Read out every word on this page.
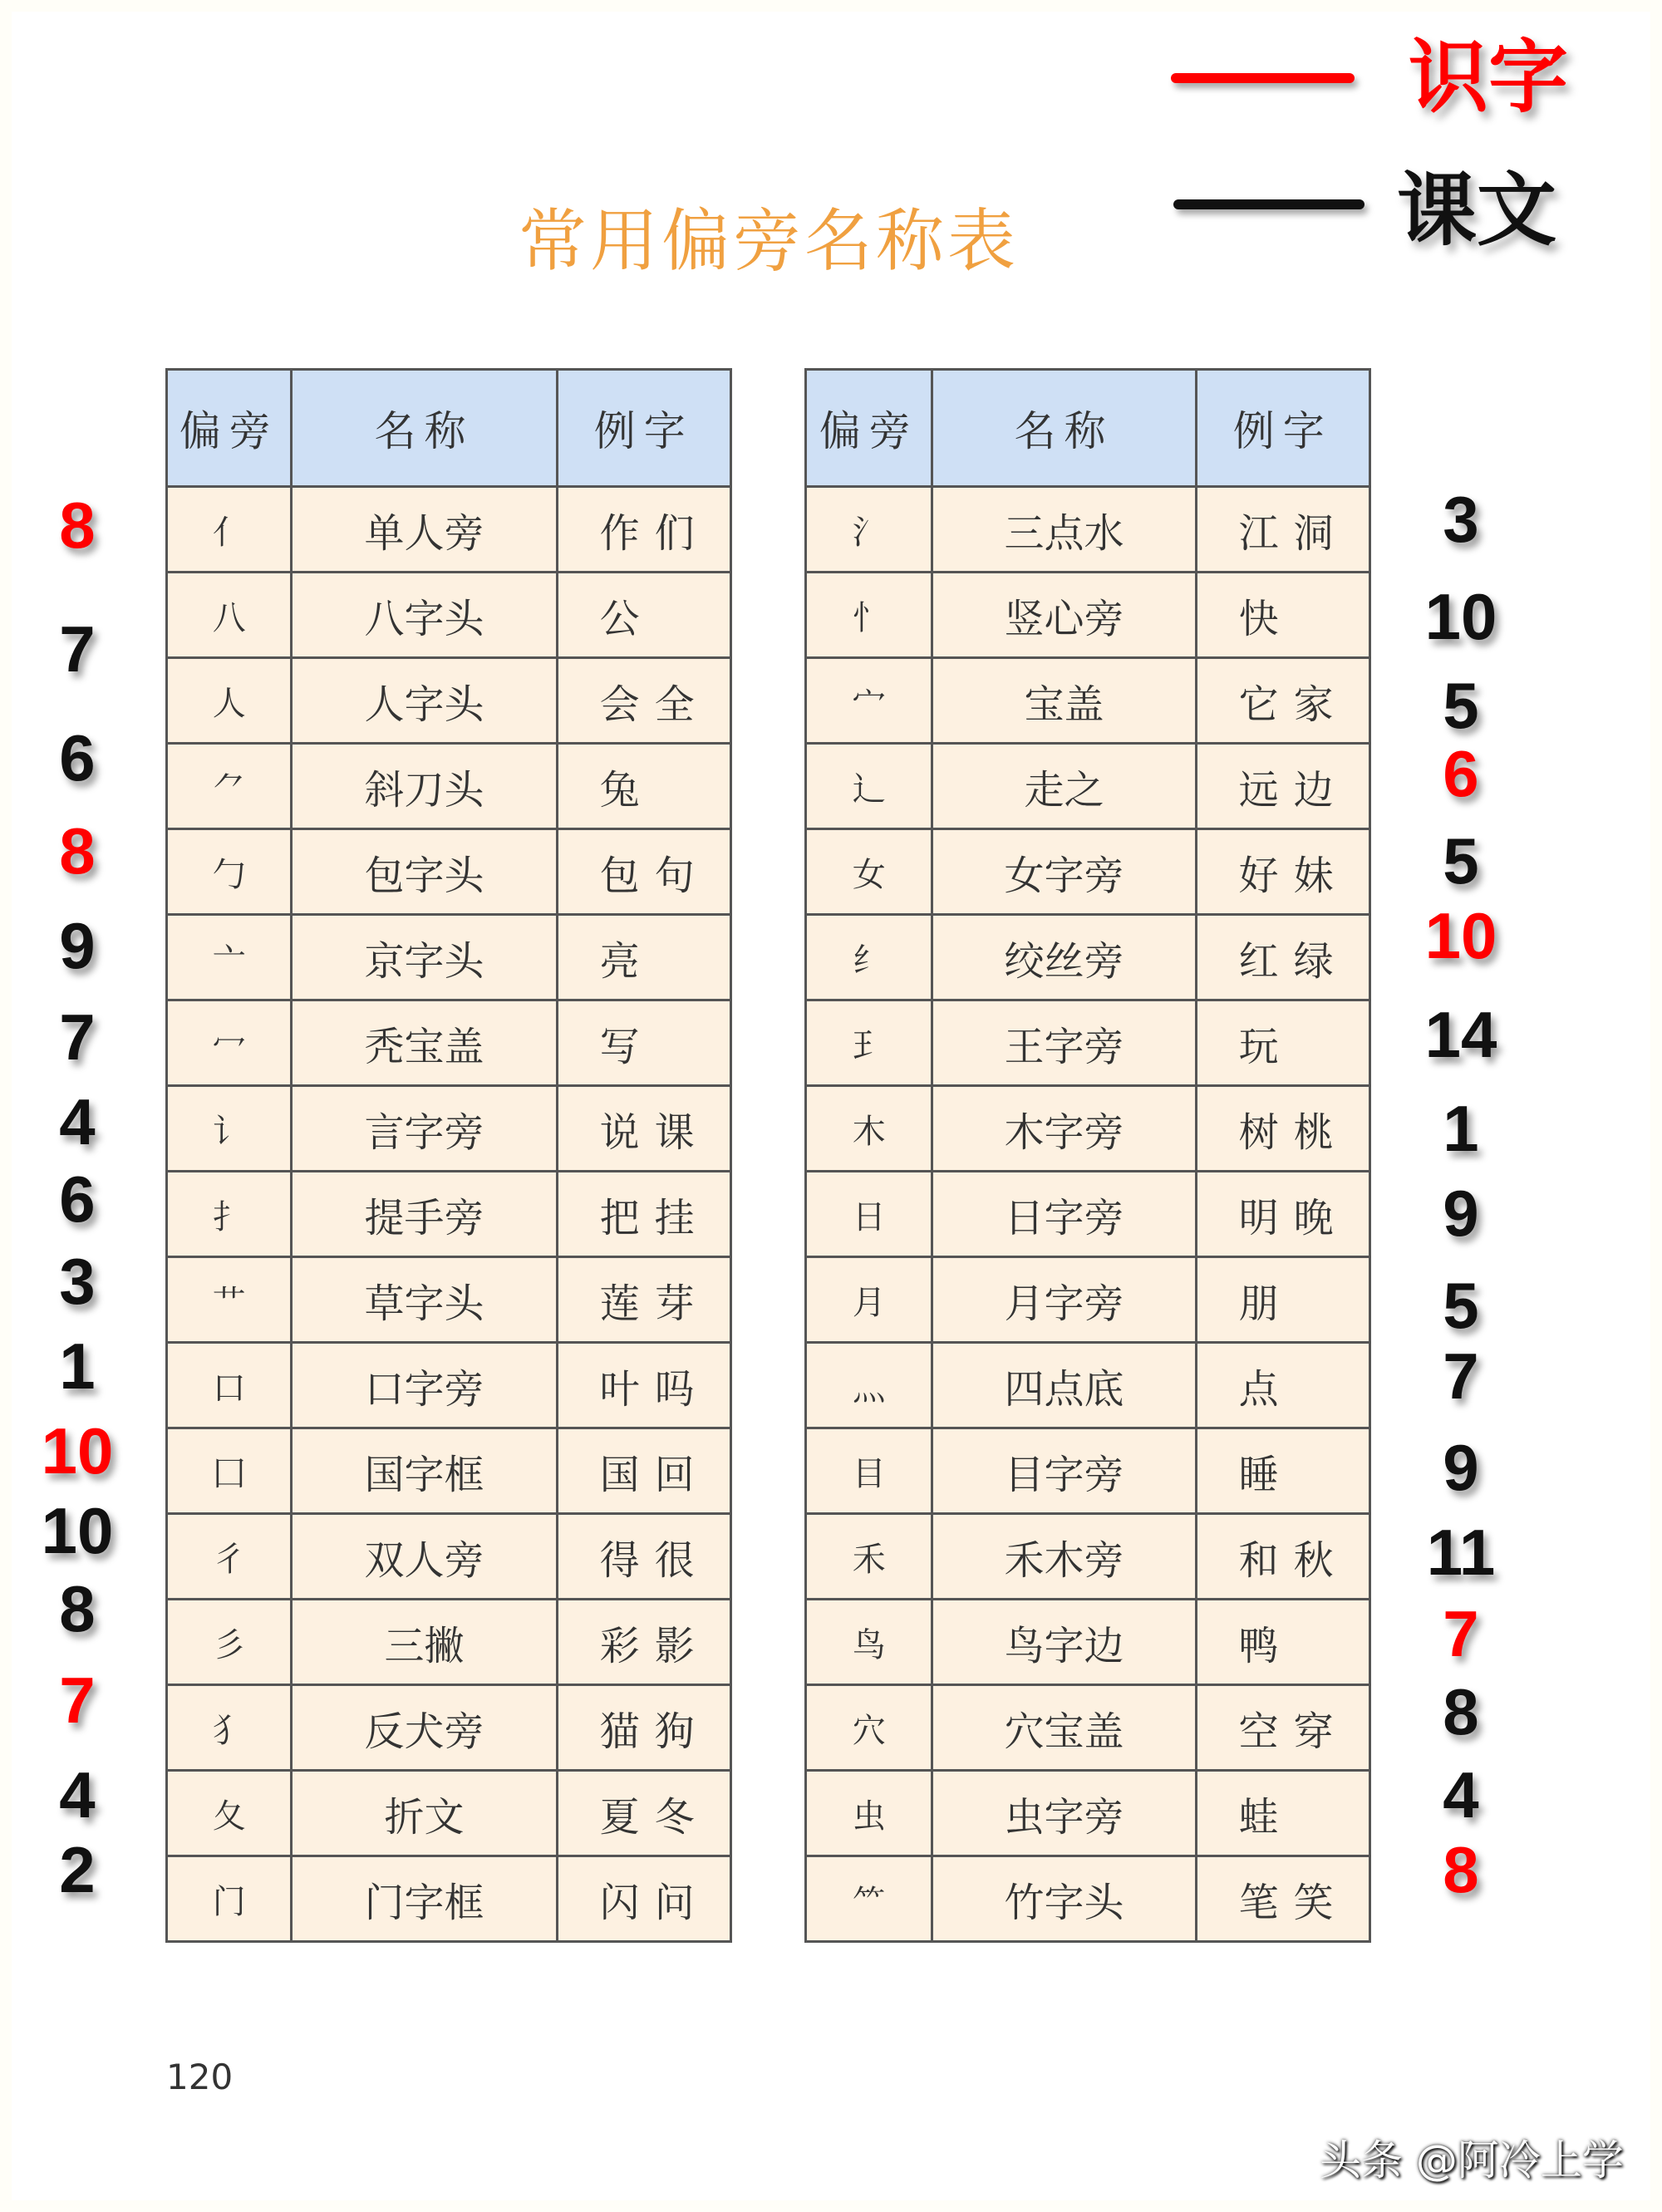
常用偏旁名称表
识字
课文
偏旁	名称	例字
亻	单人旁	作们
八	八字头	公
人	人字头	会全
⺈	斜刀头	兔
勹	包字头	包句
亠	京字头	亮
冖	秃宝盖	写
讠	言字旁	说课
扌	提手旁	把挂
艹	草字头	莲芽
口	口字旁	叶吗
囗	国字框	国回
彳	双人旁	得很
彡	三撇	彩影
犭	反犬旁	猫狗
夂	折文	夏冬
门	门字框	闪问
偏旁	名称	例字
氵	三点水	江洞
忄	竖心旁	快
宀	宝盖	它家
辶	走之	远边
女	女字旁	好妹
纟	绞丝旁	红绿
⺩	王字旁	玩
木	木字旁	树桃
日	日字旁	明晚
月	月字旁	朋
灬	四点底	点
目	目字旁	睡
禾	禾木旁	和秋
鸟	鸟字边	鸭
穴	穴宝盖	空穿
虫	虫字旁	蛙
⺮	竹字头	笔笑
8
7
6
8
9
7
4
6
3
1
10
10
8
7
4
2
3
10
5
6
5
10
14
1
9
5
7
9
11
7
8
4
8
120
头条 @阿冷上学
